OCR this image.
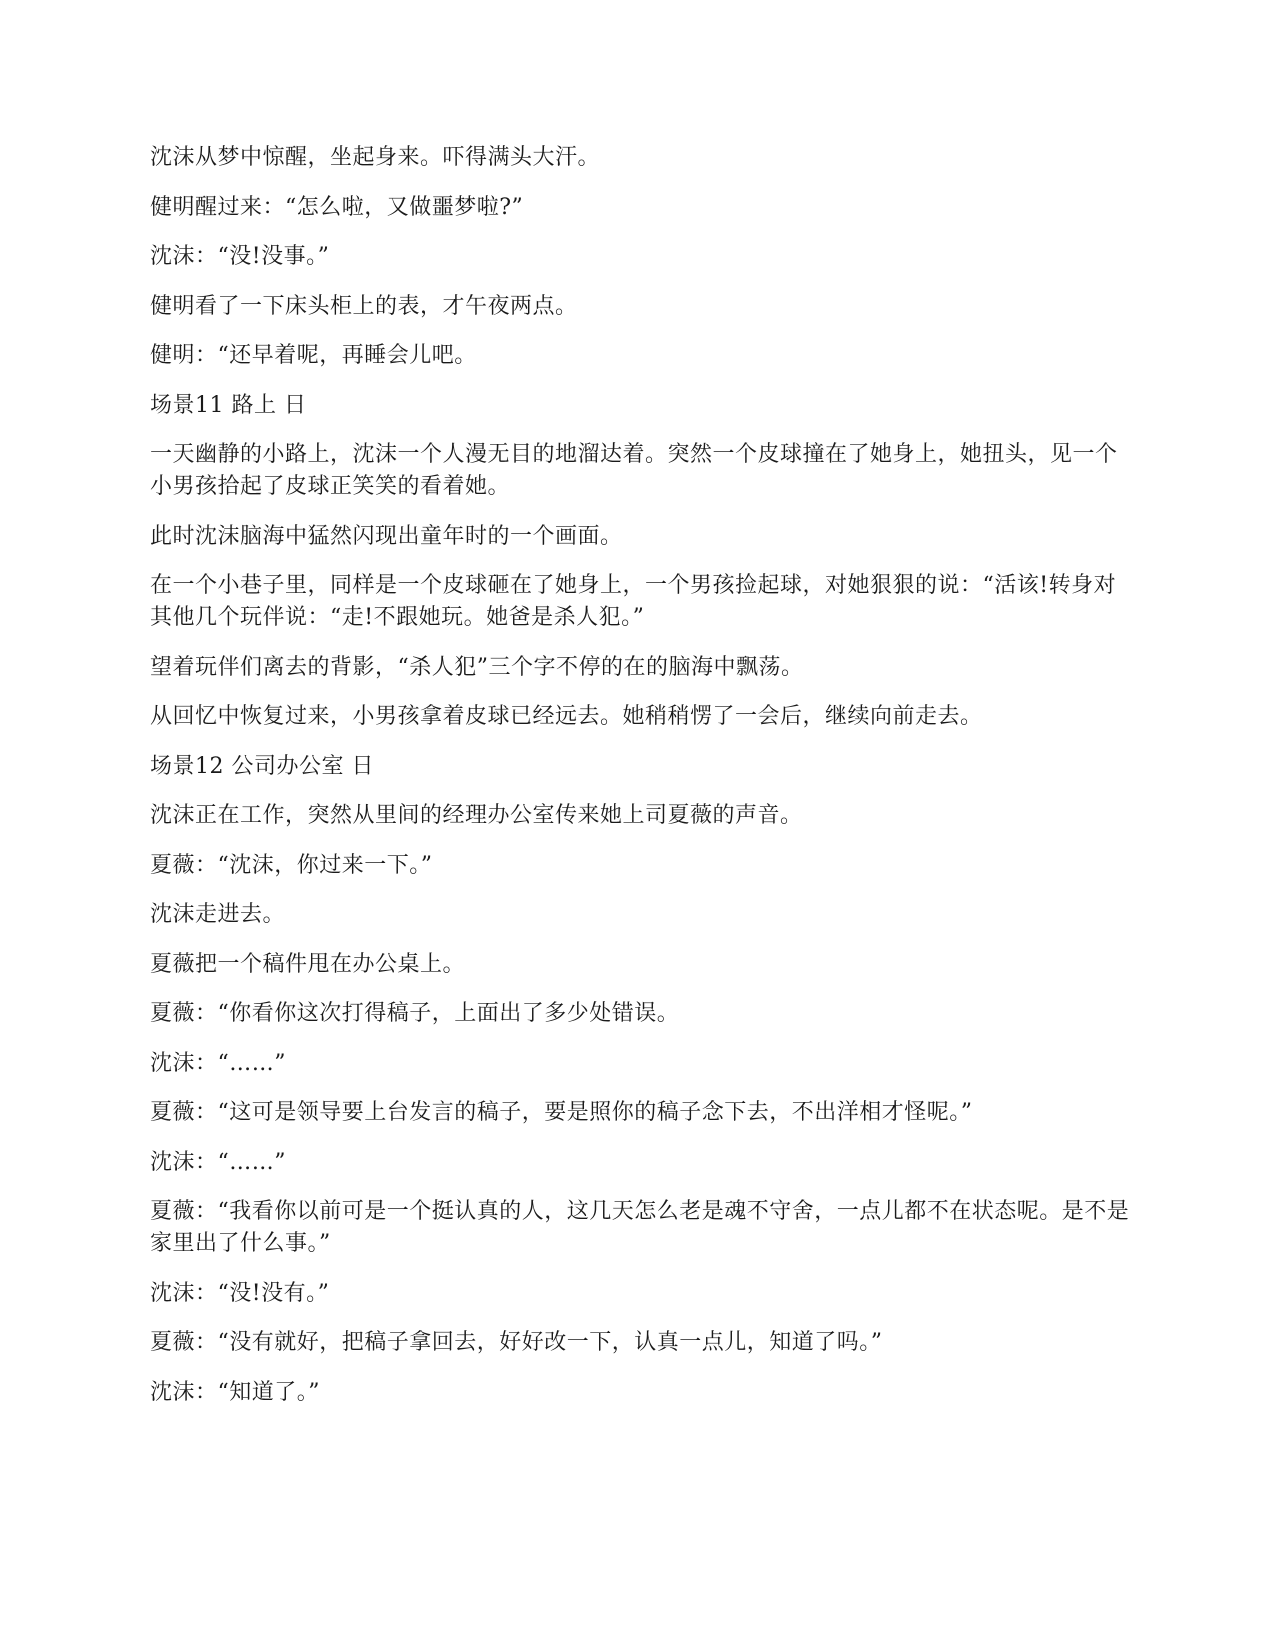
沈沫从梦中惊醒，坐起身来。吓得满头大汗。

健明醒过来：“怎么啦，又做噩梦啦?”

沈沫：“没!没事。”

健明看了一下床头柜上的表，才午夜两点。

健明：“还早着呢，再睡会儿吧。

场景11 路上 日

一天幽静的小路上，沈沫一个人漫无目的地溜达着。突然一个皮球撞在了她身上，她扭头，见一个小男孩拾起了皮球正笑笑的看着她。

此时沈沫脑海中猛然闪现出童年时的一个画面。

在一个小巷子里，同样是一个皮球砸在了她身上，一个男孩捡起球，对她狠狠的说：“活该!转身对其他几个玩伴说：“走!不跟她玩。她爸是杀人犯。”

望着玩伴们离去的背影，“杀人犯”三个字不停的在的脑海中飘荡。

从回忆中恢复过来，小男孩拿着皮球已经远去。她稍稍愣了一会后，继续向前走去。

场景12 公司办公室 日

沈沫正在工作，突然从里间的经理办公室传来她上司夏薇的声音。

夏薇：“沈沫，你过来一下。”

沈沫走进去。

夏薇把一个稿件甩在办公桌上。

夏薇：“你看你这次打得稿子，上面出了多少处错误。

沈沫：“……”

夏薇：“这可是领导要上台发言的稿子，要是照你的稿子念下去，不出洋相才怪呢。”

沈沫：“……”

夏薇：“我看你以前可是一个挺认真的人，这几天怎么老是魂不守舍，一点儿都不在状态呢。是不是家里出了什么事。”

沈沫：“没!没有。”

夏薇：“没有就好，把稿子拿回去，好好改一下，认真一点儿，知道了吗。”

沈沫：“知道了。”
